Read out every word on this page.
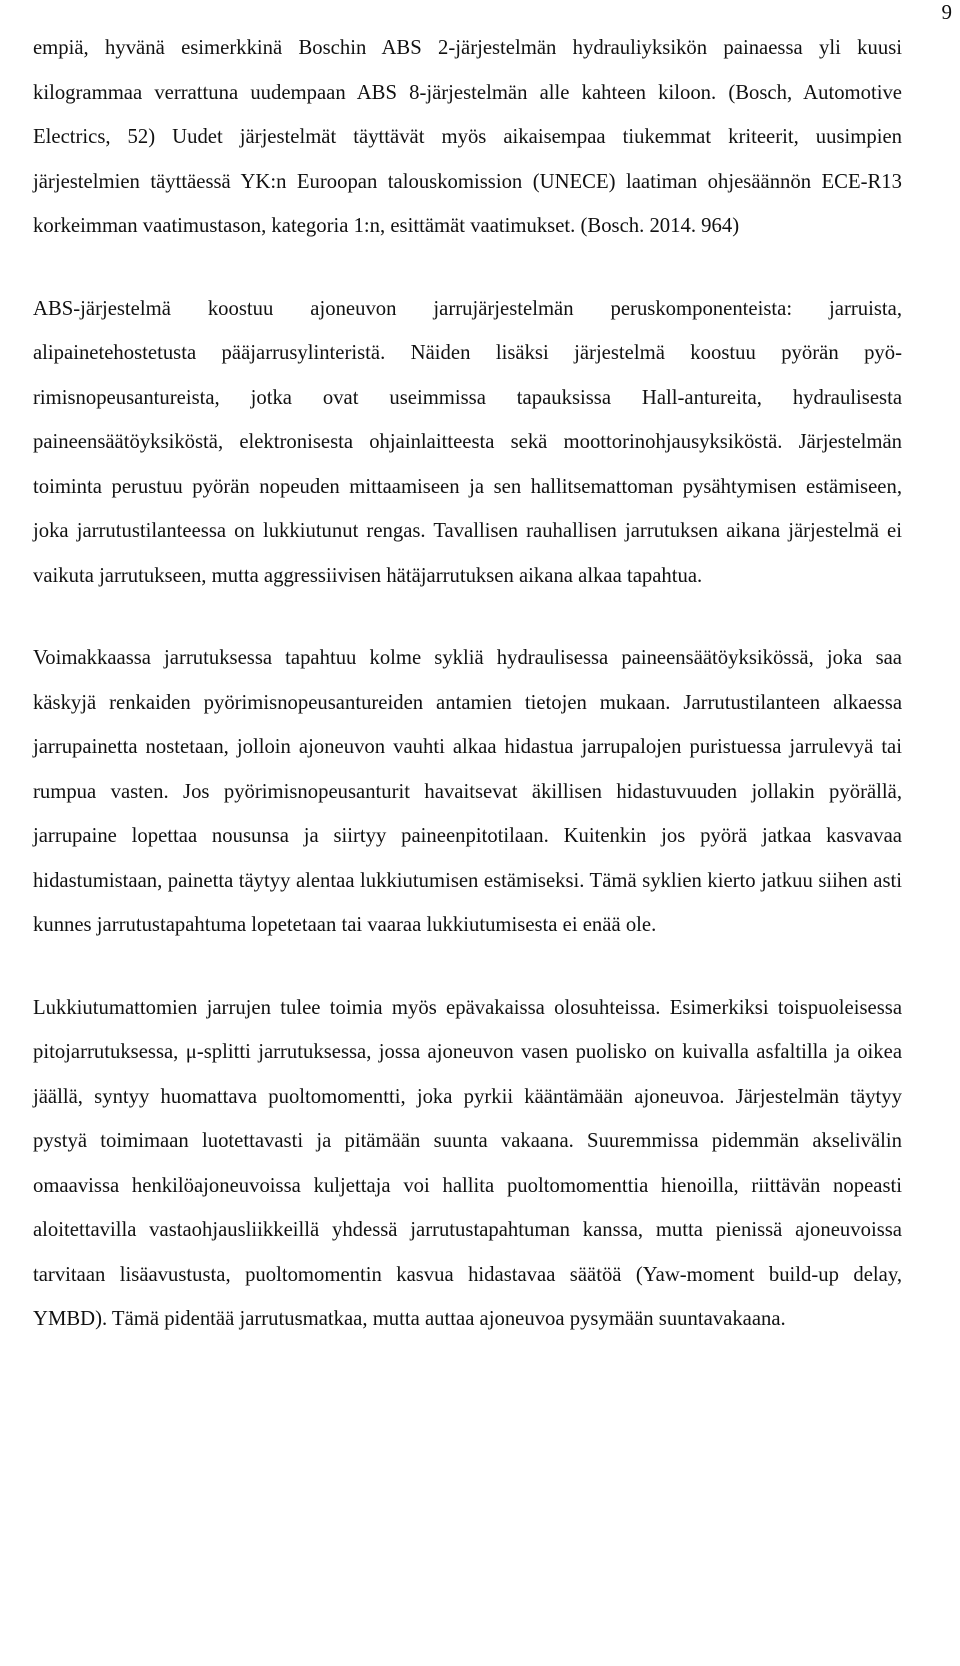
9

empiä, hyvänä esimerkkinä Boschin ABS 2-järjestelmän hydrauliyksikön painaessa yli kuusi kilogrammaa verrattuna uudempaan ABS 8-järjestelmän alle kahteen kiloon. (Bosch, Automotive Electrics, 52) Uudet järjestelmät täyttävät myös aikaisempaa tiukemmat kriteerit, uusimpien järjestelmien täyttäessä YK:n Euroopan talouskomission (UNECE) laatiman ohjesäännön ECE-R13 korkeimman vaatimustason, kategoria 1:n, esittämät vaatimukset. (Bosch. 2014. 964)

ABS-järjestelmä koostuu ajoneuvon jarrujärjestelmän peruskomponenteista: jarruista, alipainetehostetusta pääjarrusylinteristä. Näiden lisäksi järjestelmä koostuu pyörän pyörimisnopeusantureista, jotka ovat useimmissa tapauksissa Hall-antureita, hydraulisesta paineensäätöyksiköstä, elektronisesta ohjainlaitteesta sekä moottorinohjausyksiköstä. Järjestelmän toiminta perustuu pyörän nopeuden mittaamiseen ja sen hallitsemattoman pysähtymisen estämiseen, joka jarrutustilanteessa on lukkiutunut rengas. Tavallisen rauhallisen jarrutuksen aikana järjestelmä ei vaikuta jarrutukseen, mutta aggressiivisen hätäjarrutuksen aikana alkaa tapahtua.

Voimakkaassa jarrutuksessa tapahtuu kolme sykliä hydraulisessa paineensäätöyksikössä, joka saa käskyjä renkaiden pyörimisnopeusantureiden antamien tietojen mukaan. Jarrutustilanteen alkaessa jarrupainetta nostetaan, jolloin ajoneuvon vauhti alkaa hidastua jarrupalojen puristuessa jarrulevyä tai rumpua vasten. Jos pyörimisnopeusanturit havaitsevat äkillisen hidastuvuuden jollakin pyörällä, jarrupaine lopettaa nousunsa ja siirtyy paineenpitotilaan. Kuitenkin jos pyörä jatkaa kasvavaa hidastumistaan, painetta täytyy alentaa lukkiutumisen estämiseksi. Tämä syklien kierto jatkuu siihen asti kunnes jarrutustapahtuma lopetetaan tai vaaraa lukkiutumisesta ei enää ole.

Lukkiutumattomien jarrujen tulee toimia myös epävakaissa olosuhteissa. Esimerkiksi toispuoleisessa pitojarrutuksessa, μ-splitti jarrutuksessa, jossa ajoneuvon vasen puolisko on kuivalla asfaltilla ja oikea jäällä, syntyy huomattava puoltomomentti, joka pyrkii kääntämään ajoneuvoa. Järjestelmän täytyy pystyä toimimaan luotettavasti ja pitämään suunta vakaana. Suuremmissa pidemmän akselivälin omaavissa henkilöajoneuvoissa kuljettaja voi hallita puoltomomenttia hienoilla, riittävän nopeasti aloitettavilla vastaohjausliikkeillä yhdessä jarrutustapahtuman kanssa, mutta pienissä ajoneuvoissa tarvitaan lisäavustusta, puoltomomentin kasvua hidastavaa säätöä (Yaw-moment build-up delay, YMBD). Tämä pidentää jarrutusmatkaa, mutta auttaa ajoneuvoa pysymään suuntavakaana.
